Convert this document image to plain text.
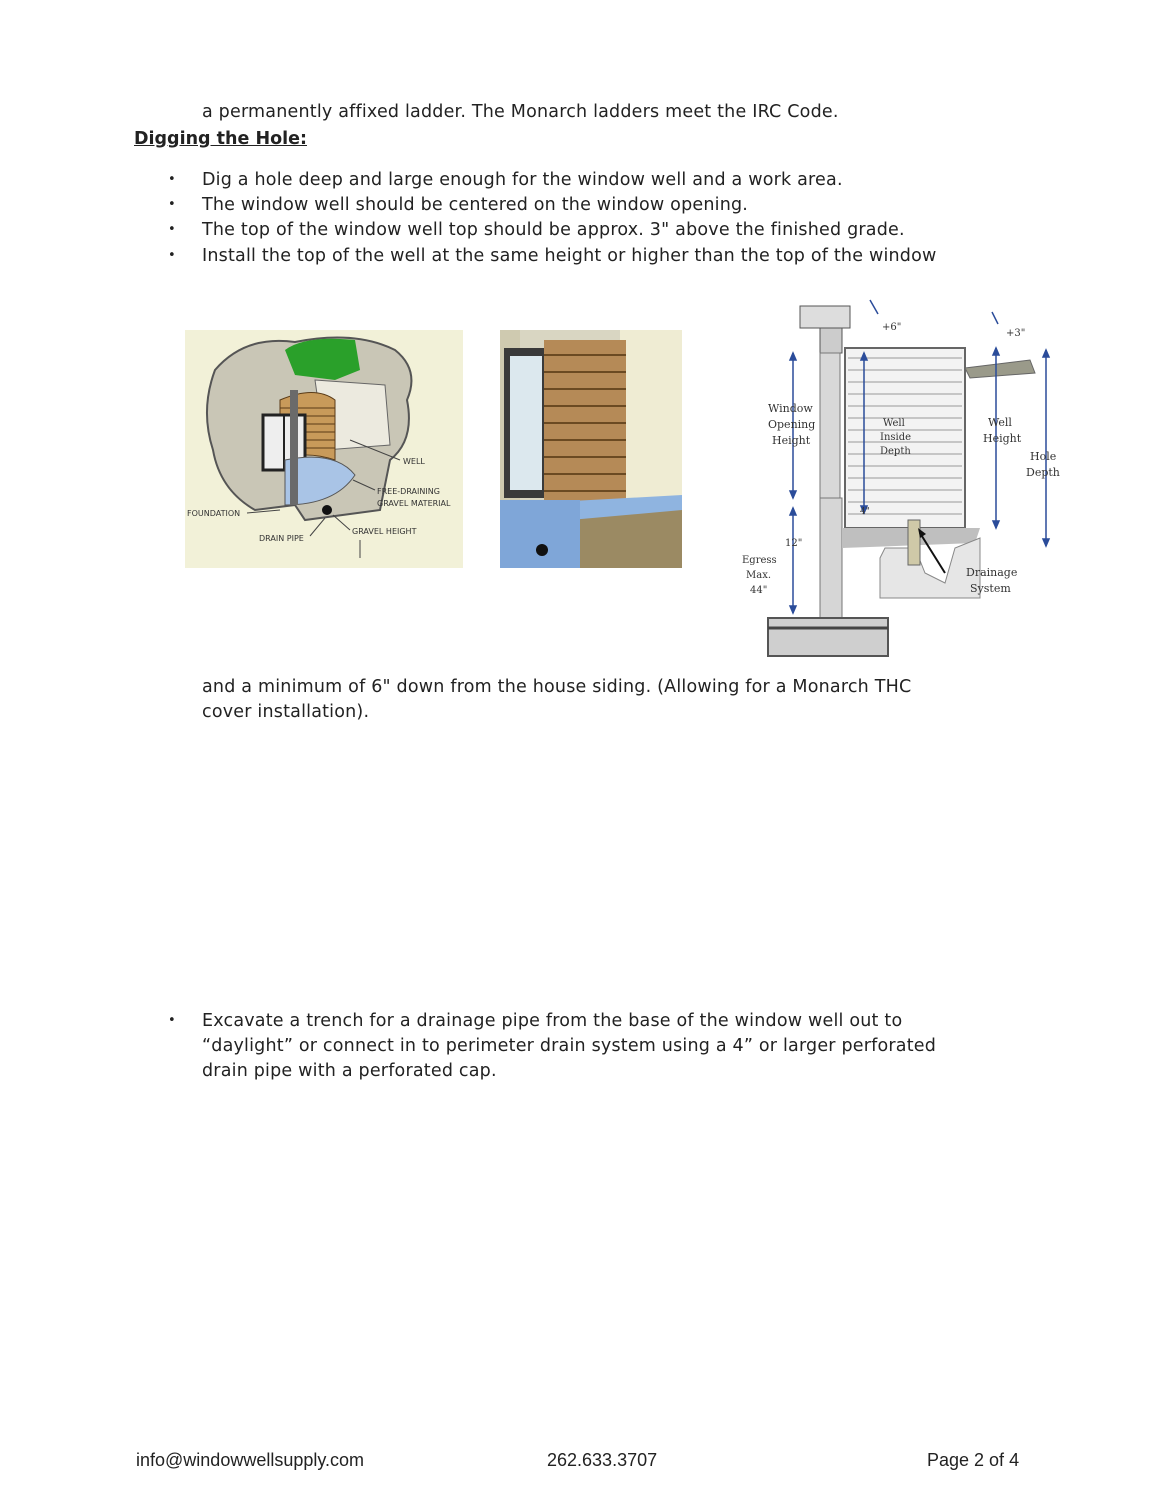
a permanently affixed ladder. The Monarch ladders meet the IRC Code.
Digging the Hole:
• Dig a hole deep and large enough for the window well and a work area.
• The window well should be centered on the window opening.
• The top of the window well top should be approx. 3" above the finished grade.
• Install the top of the well at the same height or higher than the top of the window
WELL
FREE-DRAINING
GRAVEL MATERIAL
FOUNDATION
DRAIN PIPE
GRAVEL HEIGHT
+6"
+3"
Window
Opening
Height
Well
Inside
Depth
Well
Height
Hole
Depth
4"
12"
Egress
Max.
44"
Drainage
System
and a minimum of 6" down from the house siding. (Allowing for a Monarch THC
cover installation).
• Excavate a trench for a drainage pipe from the base of the window well out to
“daylight” or connect in to perimeter drain system using a 4” or larger perforated
drain pipe with a perforated cap.
info@windowwellsupply.com	262.633.3707	Page 2 of 4
